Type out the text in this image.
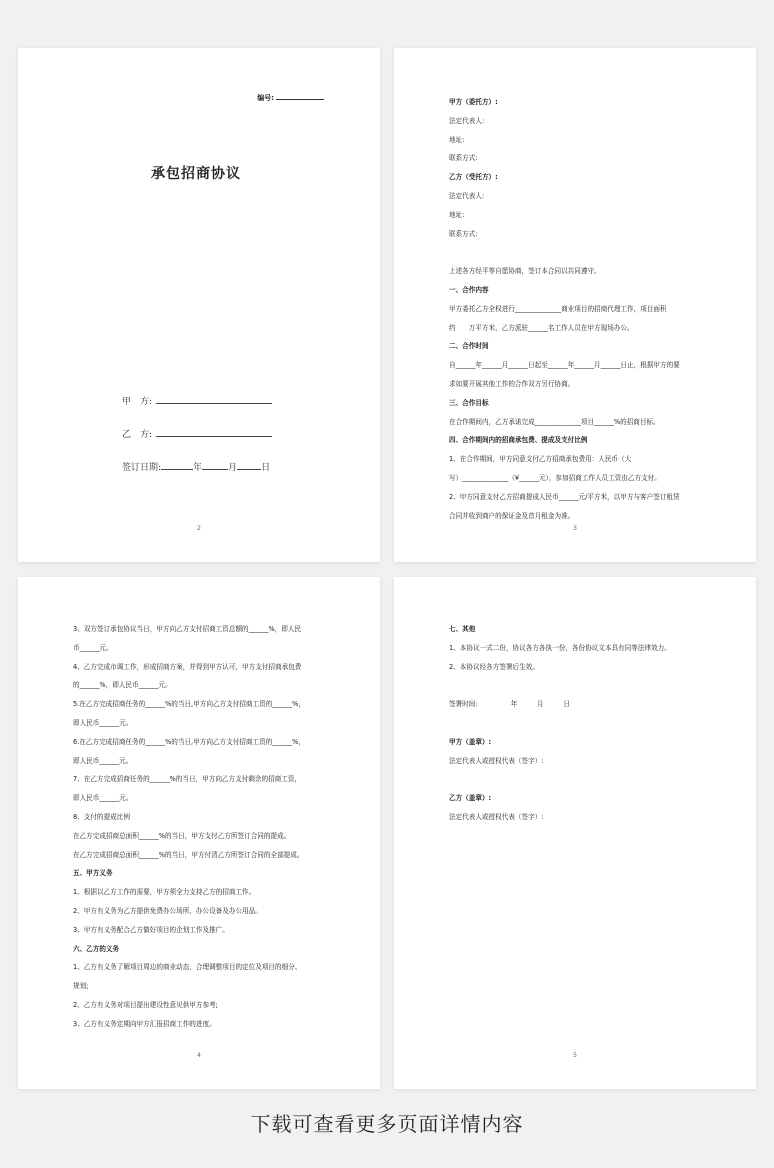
编号:
承包招商协议
甲　方:
乙　方:
签订日期:	年	月	日
2
甲方（委托方）:
法定代表人:
地址:
联系方式:
乙方（受托方）:
法定代表人:
地址:
联系方式:

上述各方经平等自愿协商，签订本合同以共同遵守。
一、合作内容
甲方委托乙方全权进行______________商业项目的招商代理工作，项目面积
约　　万平方米，乙方派驻______名工作人员在甲方现场办公。
二、合作时间
自______年______月______日起至______年______月______日止，根据甲方的要
求如要开展其他工作的合作双方另行协商。
三、合作目标
在合作期间内，乙方承诺完成______________项目______%的招商目标。
四、合作期间内的招商承包费、提成及支付比例
1、在合作期间，甲方同意支付乙方招商承包费用：人民币（大
写）______________（¥______元），参加招商工作人员工资由乙方支付。
2、甲方同意支付乙方招商提成人民币______元/平方米，以甲方与客户签订租赁
合同并收到商户的保证金及首月租金为准。
3
3、双方签订承包协议当日，甲方向乙方支付招商工资总额的______%，即人民
币______元。
4、乙方完成市调工作，形成招商方案，并得到甲方认可，甲方支付招商承包费
的______%，即人民币______元。
5.在乙方完成招商任务的______%的当日,甲方向乙方支付招商工资的______%，
即人民币______元。
6.在乙方完成招商任务的______%的当日,甲方向乙方支付招商工资的______%，
即人民币______元。
7、在乙方完成招商任务的______%的当日，甲方向乙方支付剩余的招商工资，
即人民币______元。
8、支付的提成比例
在乙方完成招商总面积______%的当日，甲方支付乙方所签订合同的提成。
在乙方完成招商总面积______%的当日，甲方付清乙方所签订合同的全部提成。
五、甲方义务
1、根据以乙方工作的需要，甲方须全力支持乙方的招商工作。
2、甲方有义务为乙方提供免费办公场所、办公设备及办公用品。
3、甲方有义务配合乙方做好项目的企划工作及推广。
六、乙方的义务
1、乙方有义务了解项目周边的商业动态，合理调整项目的定位及项目的细分、
规划;
2、乙方有义务对项目提出建设性意见供甲方参考;
3、乙方有义务定期向甲方汇报招商工作的进度。
4
七、其他
1、本协议一式二份，协议各方各执一份，各份协议文本具有同等法律效力。
2、本协议经各方签署后生效。

签署时间:　　　　　年　　　月　　　日

甲方（盖章）:
法定代表人或授权代表（签字）:

乙方（盖章）:
法定代表人或授权代表（签字）:
5
下载可查看更多页面详情内容
